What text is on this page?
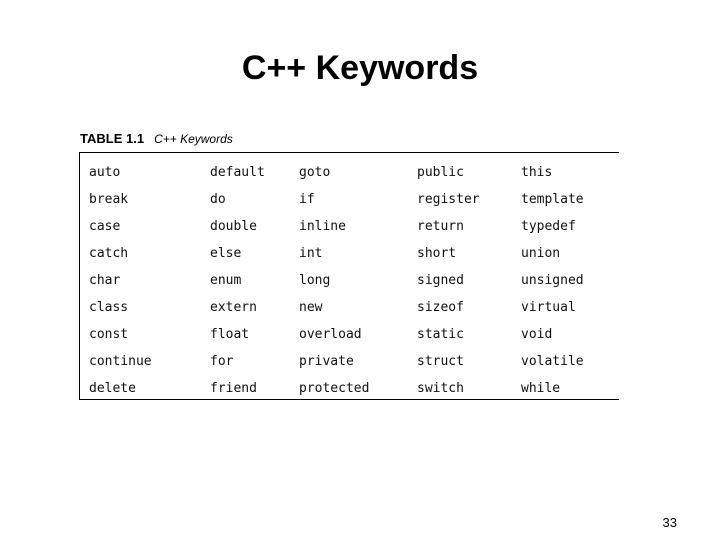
C++ Keywords
TABLE 1.1 C++ Keywords
auto	default	goto	public	this
break	do	if	register	template
case	double	inline	return	typedef
catch	else	int	short	union
char	enum	long	signed	unsigned
class	extern	new	sizeof	virtual
const	float	overload	static	void
continue	for	private	struct	volatile
delete	friend	protected	switch	while
33
